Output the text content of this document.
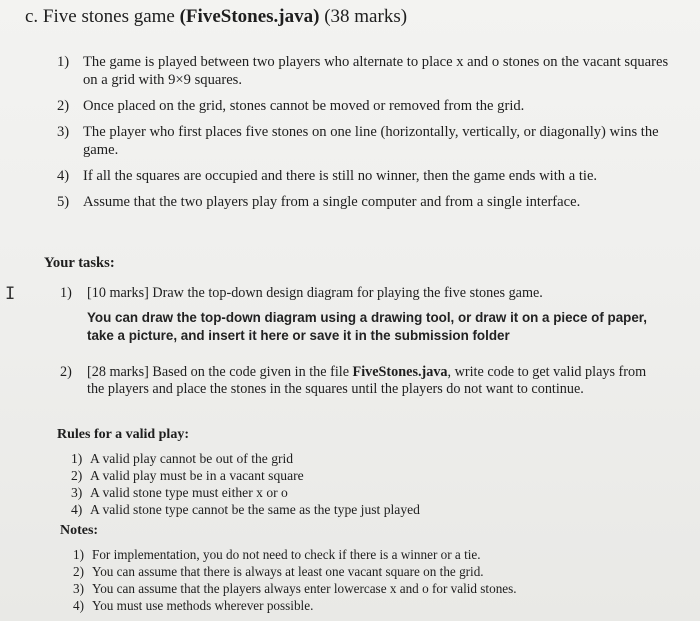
c. Five stones game (FiveStones.java) (38 marks)
1) The game is played between two players who alternate to place x and o stones on the vacant squares on a grid with 9×9 squares.
2) Once placed on the grid, stones cannot be moved or removed from the grid.
3) The player who first places five stones on one line (horizontally, vertically, or diagonally) wins the game.
4) If all the squares are occupied and there is still no winner, then the game ends with a tie.
5) Assume that the two players play from a single computer and from a single interface.
Your tasks:
I	1)	[10 marks] Draw the top-down design diagram for playing the five stones game.
You can draw the top-down diagram using a drawing tool, or draw it on a piece of paper, take a picture, and insert it here or save it in the submission folder
2)	[28 marks] Based on the code given in the file FiveStones.java, write code to get valid plays from the players and place the stones in the squares until the players do not want to continue.
Rules for a valid play:
1) A valid play cannot be out of the grid
2) A valid play must be in a vacant square
3) A valid stone type must either x or o
4) A valid stone type cannot be the same as the type just played
Notes:
1) For implementation, you do not need to check if there is a winner or a tie.
2) You can assume that there is always at least one vacant square on the grid.
3) You can assume that the players always enter lowercase x and o for valid stones.
4) You must use methods wherever possible.
